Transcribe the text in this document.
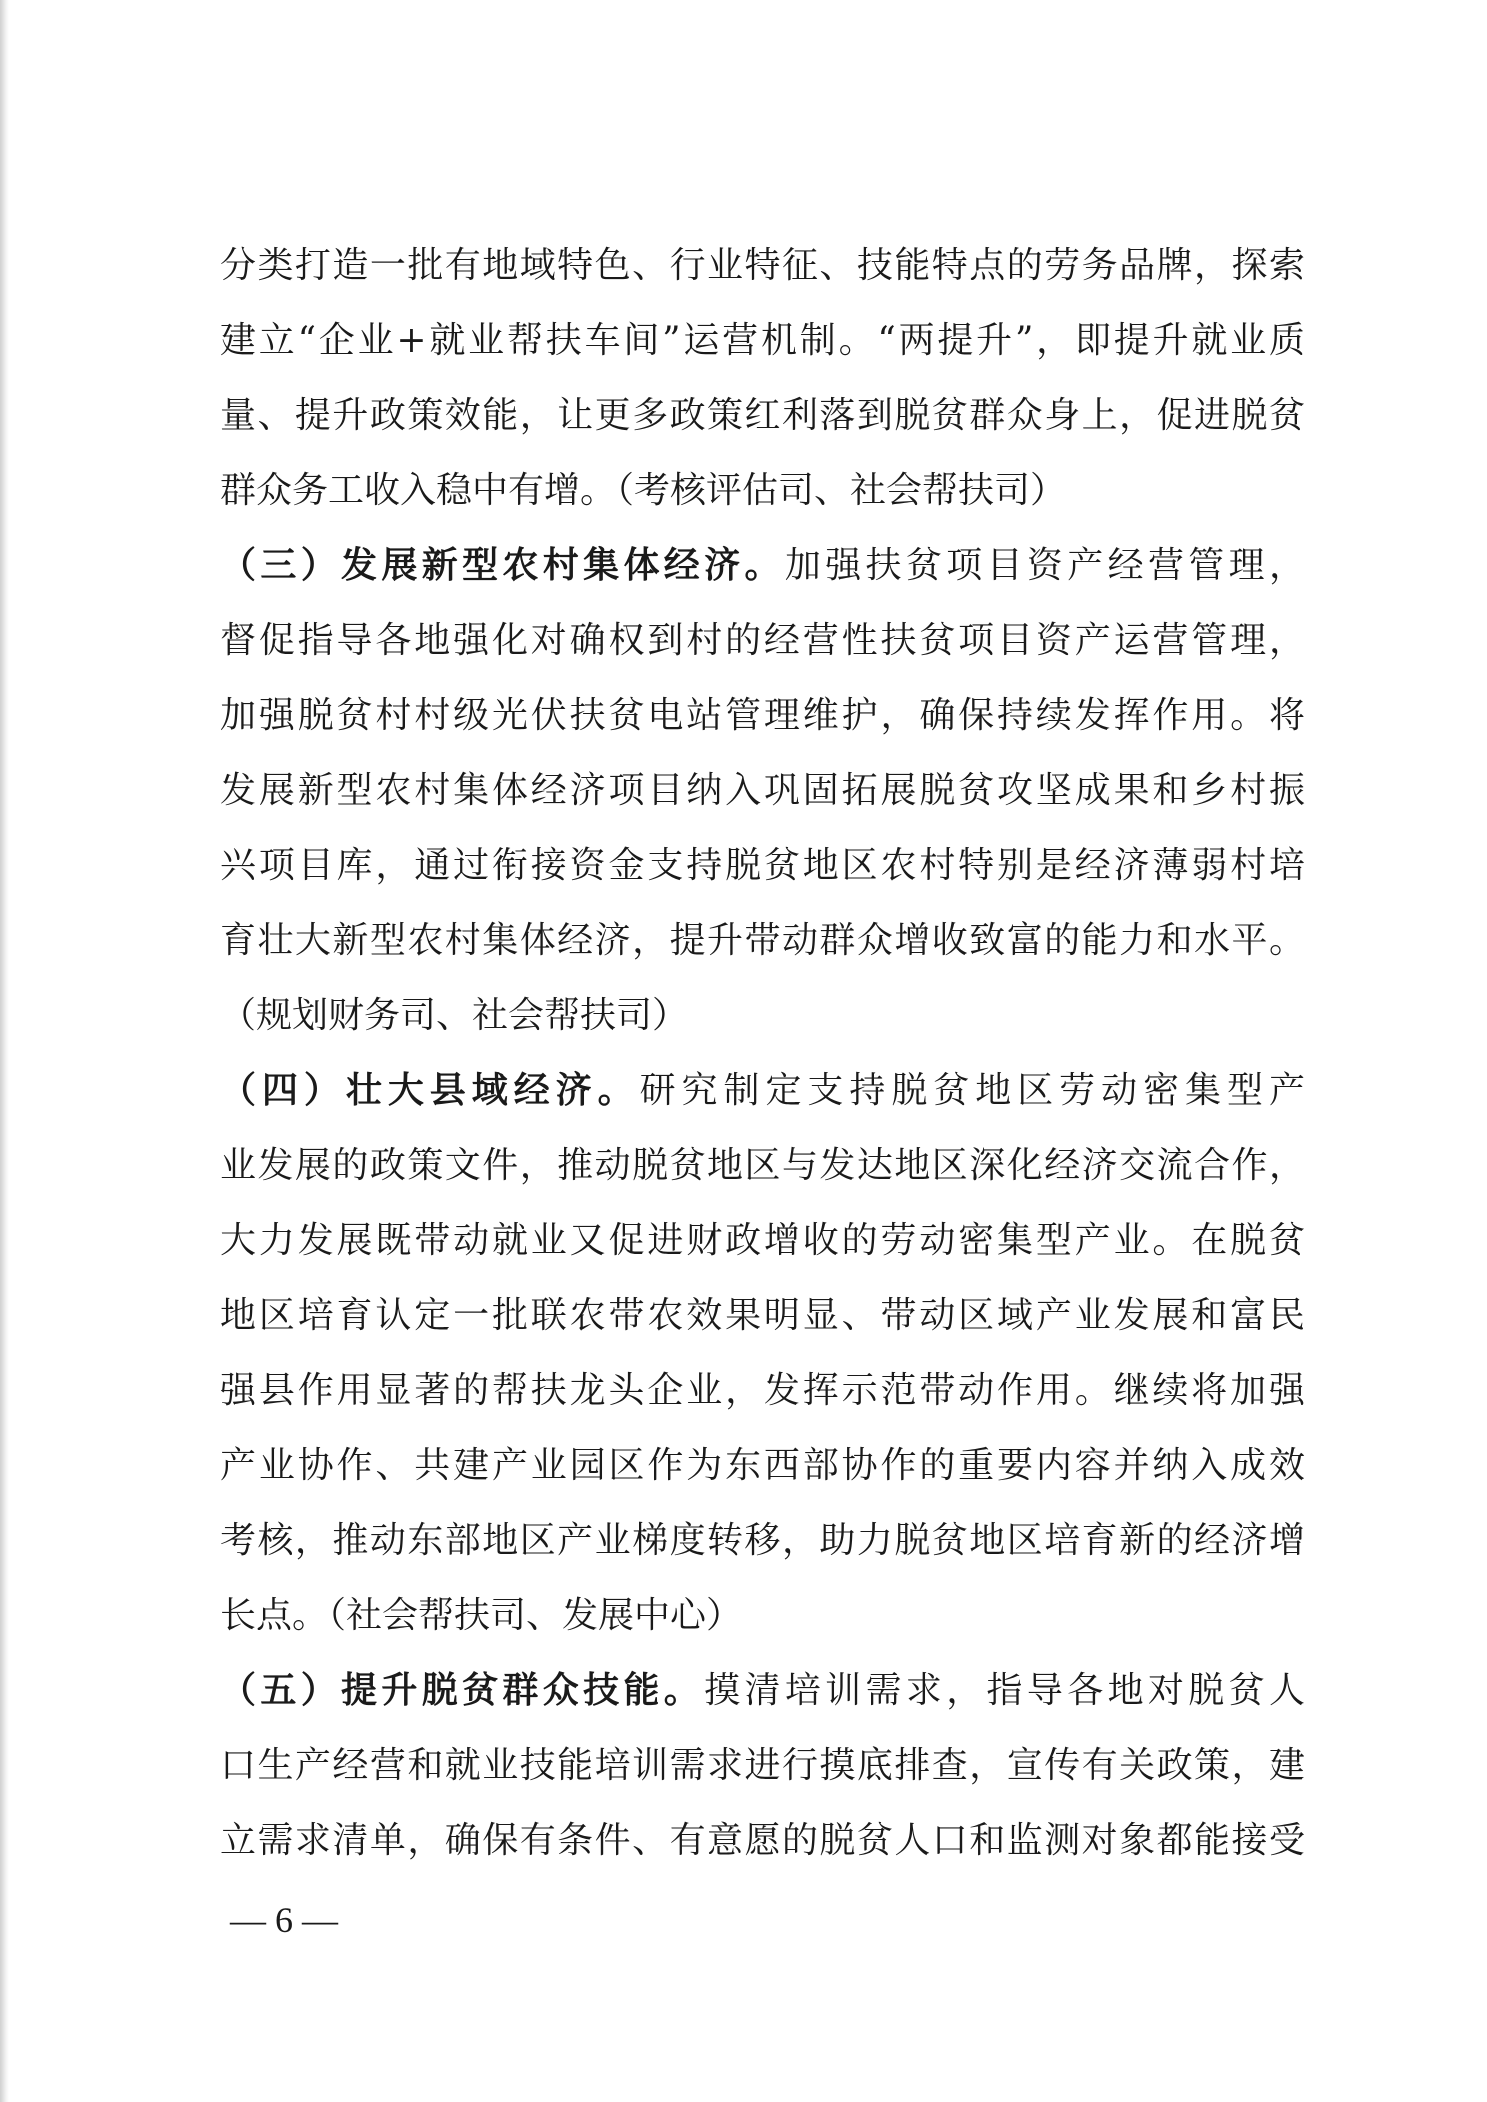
分类打造一批有地域特色、行业特征、技能特点的劳务品牌，探索
建立“企业+就业帮扶车间”运营机制。“两提升”，即提升就业质
量、提升政策效能，让更多政策红利落到脱贫群众身上，促进脱贫
群众务工收入稳中有增。（考核评估司、社会帮扶司）
（三）发展新型农村集体经济。加强扶贫项目资产经营管理，
督促指导各地强化对确权到村的经营性扶贫项目资产运营管理，
加强脱贫村村级光伏扶贫电站管理维护，确保持续发挥作用。将
发展新型农村集体经济项目纳入巩固拓展脱贫攻坚成果和乡村振
兴项目库，通过衔接资金支持脱贫地区农村特别是经济薄弱村培
育壮大新型农村集体经济，提升带动群众增收致富的能力和水平。
（规划财务司、社会帮扶司）
（四）壮大县域经济。研究制定支持脱贫地区劳动密集型产
业发展的政策文件，推动脱贫地区与发达地区深化经济交流合作，
大力发展既带动就业又促进财政增收的劳动密集型产业。在脱贫
地区培育认定一批联农带农效果明显、带动区域产业发展和富民
强县作用显著的帮扶龙头企业，发挥示范带动作用。继续将加强
产业协作、共建产业园区作为东西部协作的重要内容并纳入成效
考核，推动东部地区产业梯度转移，助力脱贫地区培育新的经济增
长点。（社会帮扶司、发展中心）
（五）提升脱贫群众技能。摸清培训需求，指导各地对脱贫人
口生产经营和就业技能培训需求进行摸底排查，宣传有关政策，建
立需求清单，确保有条件、有意愿的脱贫人口和监测对象都能接受
— 6 —
